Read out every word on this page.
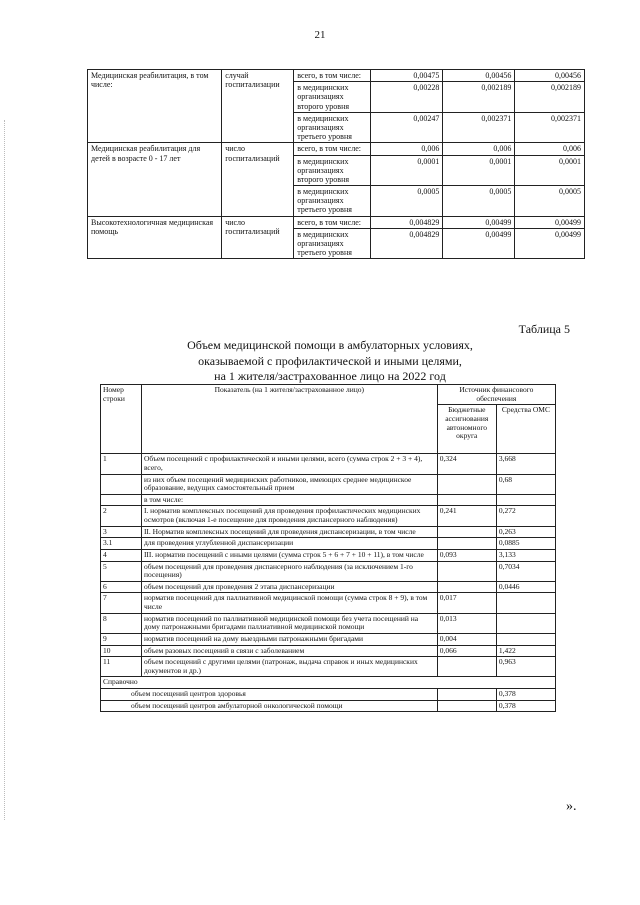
21
Медицинская реабилитация, в том числе:	случай госпитализации	всего, в том числе:	0,00475	0,00456	0,00456
		в медицинских организациях второго уровня	0,00228	0,002189	0,002189
		в медицинских организациях третьего уровня	0,00247	0,002371	0,002371
Медицинская реабилитация для детей в возрасте 0 - 17 лет	число госпитализаций	всего, в том числе:	0,006	0,006	0,006
		в медицинских организациях второго уровня	0,0001	0,0001	0,0001
		в медицинских организациях третьего уровня	0,0005	0,0005	0,0005
Высокотехнологичная медицинская помощь	число госпитализаций	всего, в том числе:	0,004829	0,00499	0,00499
		в медицинских организациях третьего уровня	0,004829	0,00499	0,00499
Таблица 5
Объем медицинской помощи в амбулаторных условиях,
оказываемой с профилактической и иными целями,
на 1 жителя/застрахованное лицо на 2022 год
Номер строки	Показатель (на 1 жителя/застрахованное лицо)	Источник финансового обеспечения	
		Бюджетные ассигнования автономного округа	Средства ОМС
1	Объем посещений с профилактической и иными целями, всего (сумма строк 2 + 3 + 4), всего,	0,324	3,668
	из них объем посещений медицинских работников, имеющих среднее медицинское образование, ведущих самостоятельный прием		0,68
	в том числе:		
2	I. норматив комплексных посещений для проведения профилактических медицинских осмотров (включая 1-е посещение для проведения диспансерного наблюдения)	0,241	0,272
3	II. Норматив комплексных посещений для проведения диспансеризации, в том числе		0,263
3.1	для проведения углубленной диспансеризации		0,0885
4	III. норматив посещений с иными целями (сумма строк 5 + 6 + 7 + 10 + 11), в том числе	0,093	3,133
5	объем посещений для проведения диспансерного наблюдения (за исключением 1-го посещения)		0,7034
6	объем посещений для проведения 2 этапа диспансеризации		0,0446
7	норматив посещений для паллиативной медицинской помощи (сумма строк 8 + 9), в том числе	0,017	
8	норматив посещений по паллиативной медицинской помощи без учета посещений на дому патронажными бригадами паллиативной медицинской помощи	0,013	
9	норматив посещений на дому выездными патронажными бригадами	0,004	
10	объем разовых посещений в связи с заболеванием	0,066	1,422
11	объем посещений с другими целями (патронаж, выдача справок и иных медицинских документов и др.)		0,963
Справочно			
объем посещений центров здоровья			0,378
объем посещений центров амбулаторной онкологической помощи			0,378
».
